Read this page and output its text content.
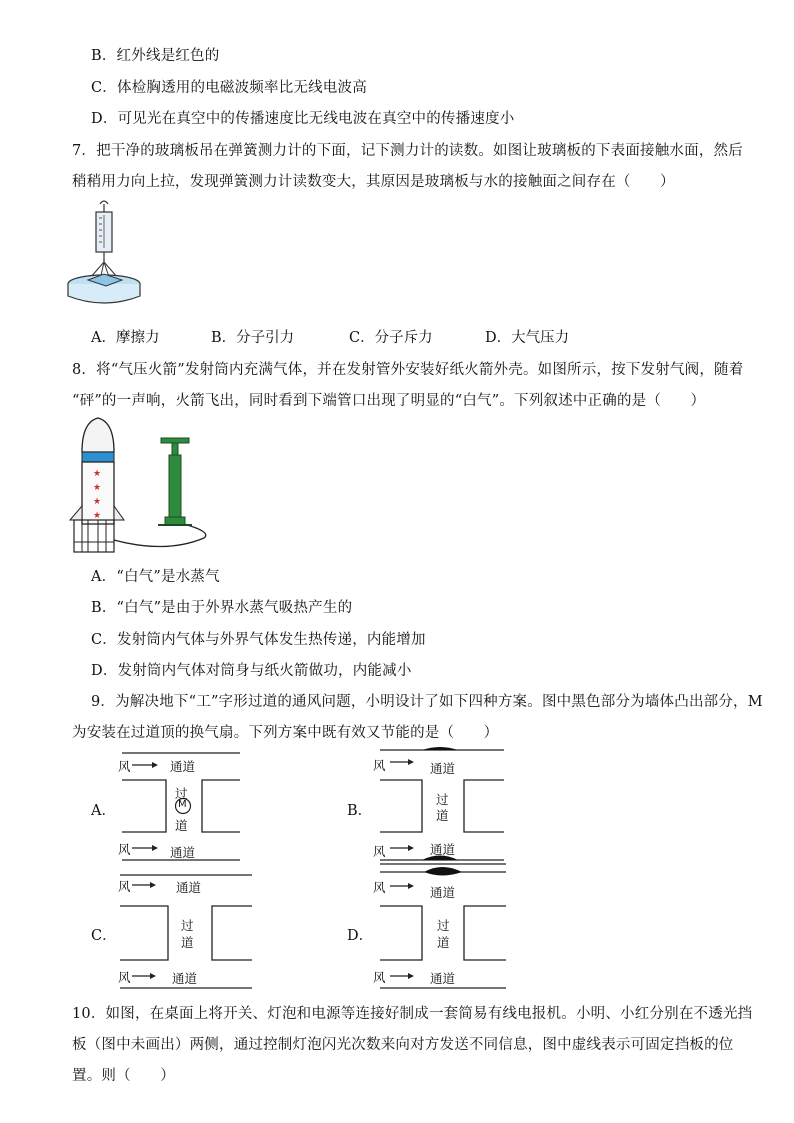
B．红外线是红色的
C．体检胸透用的电磁波频率比无线电波高
D．可见光在真空中的传播速度比无线电波在真空中的传播速度小
7．把干净的玻璃板吊在弹簧测力计的下面，记下测力计的读数。如图让玻璃板的下表面接触水面，然后
稍稍用力向上拉，发现弹簧测力计读数变大，其原因是玻璃板与水的接触面之间存在（　　）
A．摩擦力	B．分子引力	C．分子斥力	D．大气压力
8．将“气压火箭”发射筒内充满气体，并在发射管外安装好纸火箭外壳。如图所示，按下发射气阀，随着
“砰”的一声响，火箭飞出，同时看到下端管口出现了明显的“白气”。下列叙述中正确的是（　　）
★
★
★
★
A．“白气”是水蒸气
B．“白气”是由于外界水蒸气吸热产生的
C．发射筒内气体与外界气体发生热传递，内能增加
D．发射筒内气体对筒身与纸火箭做功，内能减小
9．为解决地下“工”字形过道的通风问题，小明设计了如下四种方案。图中黑色部分为墙体凸出部分，M
为安装在过道顶的换气扇。下列方案中既有效又节能的是（　　）
A．	B．
C．	D．
风	通道
过
M
道
风	通道
风	通道
过
道
风	通道
风	通道
过
道
风	通道
风	通道
过
道
风	通道
10．如图，在桌面上将开关、灯泡和电源等连接好制成一套简易有线电报机。小明、小红分别在不透光挡
板（图中未画出）两侧，通过控制灯泡闪光次数来向对方发送不同信息，图中虚线表示可固定挡板的位
置。则（　　）
